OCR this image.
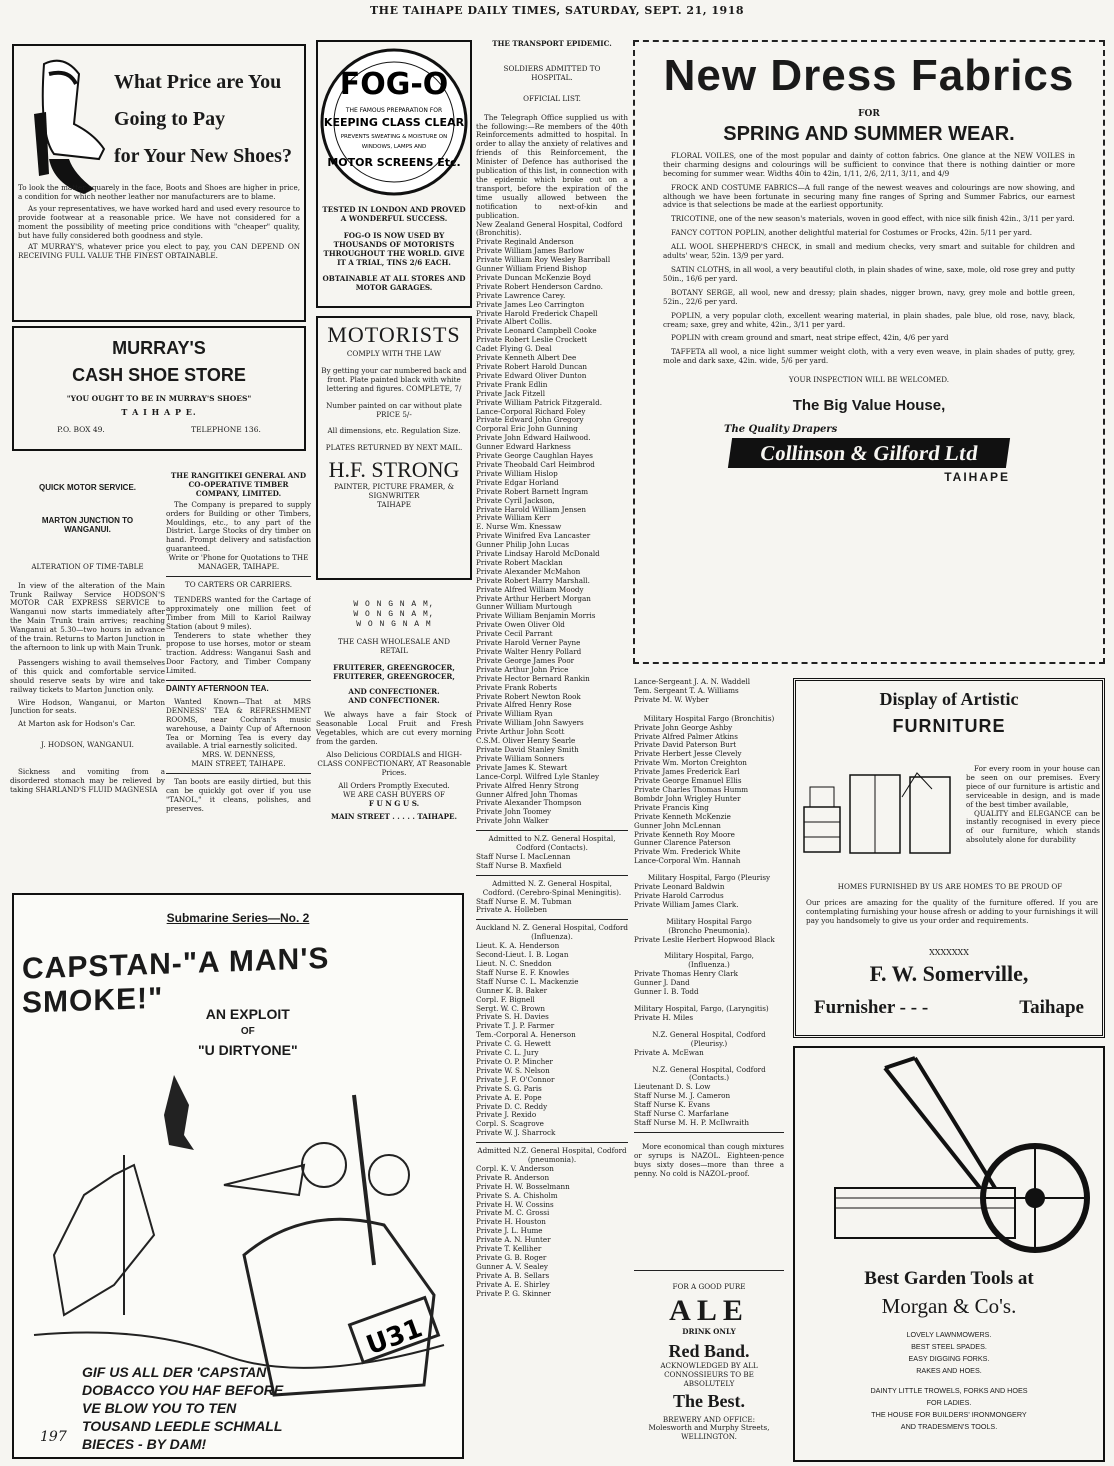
THE TAIHAPE DAILY TIMES, SATURDAY, SEPT. 21, 1918
What Price are You
Going to Pay
for Your New Shoes?

To look the matter squarely in the face, Boots and Shoes are higher in price, a condition for which neother leather nor manufacturers are to blame.

As your representatives, we have worked hard and used every resource to provide footwear at a reasonable price. We have not considered for a moment the possibility of meeting price conditions with "cheaper" quality, but have fully considered both goodness and style.

AT MURRAY'S, whatever price you elect to pay, you CAN DEPEND ON RECEIVING FULL VALUE THE FINEST OBTAINABLE.

MURRAY'S
CASH SHOE STORE
"YOU OUGHT TO BE IN MURRAY'S SHOES"
T A I H A P E.
P.O. BOX 49.	TELEPHONE 136.
QUICK MOTOR SERVICE.
MARTON JUNCTION TO WANGANUI.
ALTERATION OF TIME-TABLE

In view of the alteration of the Main Trunk Railway Service HODSON'S MOTOR CAR EXPRESS SERVICE to Wanganui now starts immediately after the Main Trunk train arrives; reaching Wanganui at 5.30—two hours in advance of the train. Returns to Marton Junction in the afternoon to link up with Main Trunk.

Passengers wishing to avail themselves of this quick and comfortable service should reserve seats by wire and take railway tickets to Marton Junction only.

Wire Hodson, Wanganui, or Marton Junction for seats.

At Marton ask for Hodson's Car.

J. HODSON, WANGANUI.

Sickness and vomiting from a disordered stomach may be relieved by taking SHARLAND'S FLUID MAGNESIA

THE RANGITIKEI GENERAL AND CO-OPERATIVE TIMBER COMPANY, LIMITED.

The Company is prepared to supply orders for Building or other Timbers, Mouldings, etc., to any part of the District. Large Stocks of dry timber on hand. Prompt delivery and satisfaction guaranteed.

Write or 'Phone for Quotations to THE MANAGER, TAIHAPE.

TO CARTERS OR CARRIERS.

TENDERS wanted for the Cartage of approximately one million feet of Timber from Mill to Kariol Railway Station (about 9 miles).

Tenderers to state whether they propose to use horses, motor or steam traction. Address: Wanganui Sash and Door Factory, and Timber Company Limited.

DAINTY AFTERNOON TEA.

Wanted Known—That at MRS DENNESS' TEA & REFRESHMENT ROOMS, near Cochran's music warehouse, a Dainty Cup of Afternoon Tea or Morning Tea is every day available. A trial earnestly solicited.

MRS. W. DENNESS,

MAIN STREET, TAIHAPE.

Tan boots are easily dirtied, but this can be quickly got over if you use "TANOL," it cleans, polishes, and preserves.
FOG-O
THE FAMOUS PREPARATION FOR
KEEPING CLASS CLEAR
PREVENTS SWEATING & MOISTURE ON
WINDOWS, LAMPS AND
MOTOR SCREENS Etc.

TESTED IN LONDON AND PROVED A WONDERFUL SUCCESS.

FOG-O IS NOW USED BY THOUSANDS OF MOTORISTS THROUGHOUT THE WORLD. GIVE IT A TRIAL, TINS 2/6 EACH.

OBTAINABLE AT ALL STORES AND MOTOR GARAGES.

MOTORISTS
COMPLY WITH THE LAW

By getting your car numbered back and front. Plate painted black with white lettering and figures. COMPLETE, 7/

Number painted on car without plate PRICE 5/-

All dimensions, etc. Regulation Size.

PLATES RETURNED BY NEXT MAIL.

H.F. STRONG
PAINTER, PICTURE FRAMER, & SIGNWRITER
TAIHAPE

W O N G N A M,

W O N G N A M,

W O N G N A M

THE CASH WHOLESALE AND RETAIL

FRUITERER, GREENGROCER,

FRUITERER, GREENGROCER,

AND CONFECTIONER.

AND CONFECTIONER.

We always have a fair Stock of Seasonable Local Fruit and Fresh Vegetables, which are cut every morning from the garden.

Also Delicious CORDIALS and HIGH-CLASS CONFECTIONARY, AT Reasonable Prices.

All Orders Promptly Executed.

WE ARE CASH BUYERS OF

F U N G U S.

MAIN STREET . . . . . TAIHAPE.

THE TRANSPORT EPIDEMIC.
SOLDIERS ADMITTED TO HOSPITAL.
OFFICIAL LIST.
The Telegraph Office supplied us with the following:—Re members of the 40th Reinforcements admitted to hospital. In order to allay the anxiety of relatives and friends of this Reinforcement, the Minister of Defence has authorised the publication of this list, in connection with the epidemic which broke out on a transport, before the expiration of the time usually allowed between the notification to next-of-kin and publication.
New Zealand General Hospital, Codford (Bronchitis).
Private Reginald Anderson
Private William James Barlow
Private William Roy Wesley Barriball
Gunner William Friend Bishop
Private Duncan McKenzie Boyd
Private Robert Henderson Cardno.
Private Lawrence Carey.
Private James Leo Carrington
Private Harold Frederick Chapell
Private Albert Collis.
Private Leonard Campbell Cooke
Private Robert Leslie Crockett
Cadet Flying G. Deal
Private Kenneth Albert Dee
Private Robert Harold Duncan
Private Edward Oliver Dunton
Private Frank Edlin
Private Jack Fitzell
Private William Patrick Fitzgerald.
Lance-Corporal Richard Foley
Private Edward John Gregory
Corporal Eric John Gunning
Private John Edward Hailwood.
Gunner Edward Harkness
Private George Caughlan Hayes
Private Theobald Carl Heimbrod
Private William Hislop
Private Edgar Horland
Private Robert Barnett Ingram
Private Cyril Jackson,
Private Harold William Jensen
Private William Kerr
E. Nurse Wm. Knessaw
Private Winifred Eva Lancaster
Gunner Philip John Lucas
Private Lindsay Harold McDonald
Private Robert Macklan
Private Alexander McMahon
Private Robert Harry Marshall.
Private Alfred William Moody
Private Arthur Herbert Morgan
Gunner William Murtough
Private William Benjamin Morris
Private Owen Oliver Old
Private Cecil Parrant
Private Harold Verner Payne
Private Walter Henry Pollard
Private George James Poor
Private Arthur John Price
Private Hector Bernard Rankin
Private Frank Roberts
Private Robert Newton Rook
Private Alfred Henry Rose
Private William Ryan
Private William John Sawyers
Privte Arthur John Scott
C.S.M. Oliver Henry Searle
Private David Stanley Smith
Private William Sonners
Private James K. Stewart
Lance-Corpl. Wilfred Lyle Stanley
Private Alfred Henry Strong
Gunner Alfred John Thomas
Private Alexander Thompson
Private John Toomey
Private John Walker
Admitted to N.Z. General Hospital, Codford (Contacts).
Staff Nurse I. MacLennan
Staff Nurse B. Maxfield
Admitted N. Z. General Hospital, Codford. (Cerebro-Spinal Meningitis).
Staff Nurse E. M. Tubman
Private A. Holleben
Auckland N. Z. General Hospital, Codford (Influenza).
Lieut. K. A. Henderson
Second-Lieut. I. B. Logan
Lieut. N. C. Sneddon
Staff Nurse E. F. Knowles
Staff Nurse C. L. Mackenzie
Gunner K. B. Baker
Corpl. F. Bignell
Sergt. W. C. Brown
Private S. H. Davies
Private T. J. P. Farmer
Tem.-Corporal A. Henerson
Private C. G. Hewett
Private C. L. Jury
Private O. P. Mincher
Private W. S. Nelson
Private J. F. O'Connor
Private S. G. Paris
Private A. E. Pope
Private D. C. Reddy
Private J. Rexido
Corpl. S. Scagrove
Private W. J. Sharrock
Admitted N.Z. General Hospital, Codford (pneumonia).
Corpl. K. V. Anderson
Private R. Anderson
Private H. W. Bosselmann
Private S. A. Chisholm
Private H. W. Cossins
Private M. C. Grossi
Private H. Houston
Private J. L. Hume
Private A. N. Hunter
Private T. Kelliher
Private G. B. Roger
Gunner A. V. Sealey
Private A. B. Sellars
Private A. E. Shirley
Private P. G. Skinner
Lance-Sergeant J. A. N. Waddell
Tem. Sergeant T. A. Williams
Private M. W. Wyber
Military Hospital Fargo (Bronchitis)
Private John George Ashby
Private Alfred Palmer Atkins
Private David Paterson Burt
Private Herbert Jesse Clevely
Private Wm. Morton Creighton
Private James Frederick Earl
Private George Emanuel Ellis
Private Charles Thomas Humm
Bombdr John Wrigley Hunter
Private Francis King
Private Kenneth McKenzie
Gunner John McLennan
Private Kenneth Roy Moore
Gunner Clarence Paterson
Private Wm. Frederick White
Lance-Corporal Wm. Hannah
Military Hospital, Fargo (Pleurisy
Private Leonard Baldwin
Private Harold Carrodus
Private William James Clark.
Military Hospital Fargo (Broncho Pneumonia).
Private Leslie Herbert Hopwood Black
Military Hospital, Fargo, (Influenza.)
Private Thomas Henry Clark
Gunner J. Dand
Gunner I. B. Todd
Military Hospital, Fargo, (Laryngitis)
Private H. Miles
N.Z. General Hospital, Codford (Pleurisy.)
Private A. McEwan
N.Z. General Hospital, Codford (Contacts.)
Lieutenant D. S. Low
Staff Nurse M. J. Cameron
Staff Nurse K. Evans
Staff Nurse C. Marfarlane
Staff Nurse M. H. P. McIlwraith
More economical than cough mixtures or syrups is NAZOL. Eighteen-pence buys sixty doses—more than three a penny. No cold is NAZOL-proof.
FOR A GOOD PURE
ALE
DRINK ONLY
Red Band.
ACKNOWLEDGED BY ALL CONNOSSIEURS TO BE ABSOLUTELY
The Best.
BREWERY AND OFFICE:
Molesworth and Murphy Streets,
WELLINGTON.
New Dress Fabrics
FOR
SPRING AND SUMMER WEAR.

FLORAL VOILES, one of the most popular and dainty of cotton fabrics. One glance at the NEW VOILES in their charming designs and colourings will be sufficient to convince that there is nothing daintier or more becoming for summer wear. Widths 40in to 42in, 1/11, 2/6, 2/11, 3/11, and 4/9

FROCK AND COSTUME FABRICS—A full range of the newest weaves and colourings are now showing, and although we have been fortunate in securing many fine ranges of Spring and Summer Fabrics, our earnest advice is that selections be made at the earliest opportunity.

TRICOTINE, one of the new season's materials, woven in good effect, with nice silk finish 42in., 3/11 per yard.

FANCY COTTON POPLIN, another delightful material for Costumes or Frocks, 42in. 5/11 per yard.

ALL WOOL SHEPHERD'S CHECK, in small and medium checks, very smart and suitable for children and adults' wear, 52in. 13/9 per yard.

SATIN CLOTHS, in all wool, a very beautiful cloth, in plain shades of wine, saxe, mole, old rose grey and putty 50in., 16/6 per yard.

BOTANY SERGE, all wool, new and dressy; plain shades, nigger brown, navy, grey mole and bottle green, 52in., 22/6 per yard.

POPLIN, a very popular cloth, excellent wearing material, in plain shades, pale blue, old rose, navy, black, cream; saxe, grey and white, 42in., 3/11 per yard.

POPLIN with cream ground and smart, neat stripe effect, 42in, 4/6 per yard

TAFFETA all wool, a nice light summer weight cloth, with a very even weave, in plain shades of putty, grey, mole and dark saxe, 42in. wide, 5/6 per yard.

YOUR INSPECTION WILL BE WELCOMED.
The Big Value House,
The Quality Drapers
Collinson & Gilford Ltd
TAIHAPE
Display of Artistic
FURNITURE

For every room in your house can be seen on our premises. Every piece of our furniture is artistic and serviceable in design, and is made of the best timber available,

QUALITY and ELEGANCE can be instantly recognised in every piece of our furniture, which stands absolutely alone for durability

HOMES FURNISHED BY US ARE HOMES TO BE PROUD OF
Our prices are amazing for the quality of the furniture offered. If you are contemplating furnishing your house afresh or adding to your furnishings it will pay you handsomely to give us your order and requirements.
XXXXXXX
F. W. Somerville,
Furnisher - - -	Taihape
Best Garden Tools at
Morgan & Co's.

LOVELY LAWNMOWERS.

BEST STEEL SPADES.

EASY DIGGING FORKS.

RAKES AND HOES.

DAINTY LITTLE TROWELS, FORKS AND HOES

FOR LADIES.

THE HOUSE FOR BUILDERS' IRONMONGERY

AND TRADESMEN'S TOOLS.

Submarine Series—No. 2
CAPSTAN-"A MAN'S SMOKE!"	AN EXPLOIT

OF

"U DIRTYONE"

U31
GIF US ALL DER 'CAPSTAN'
DOBACCO YOU HAF BEFORE
VE BLOW YOU TO TEN
TOUSAND LEEDLE SCHMALL
BIECES - BY DAM!
197
